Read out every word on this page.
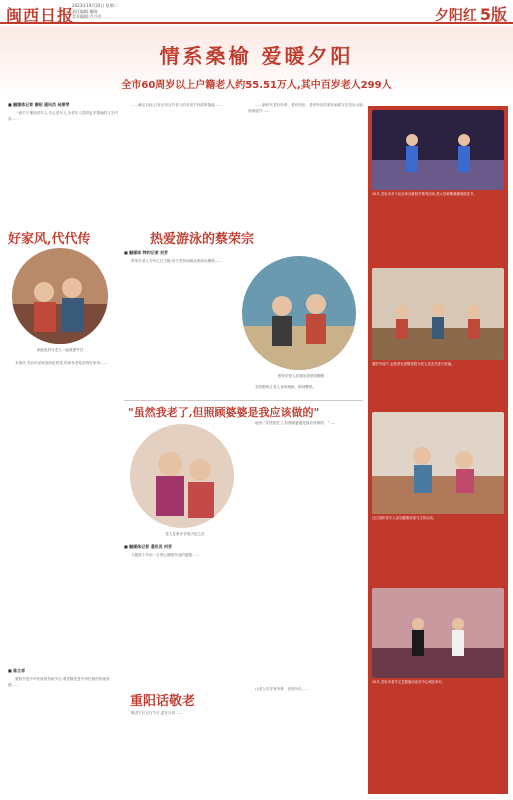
闽西日报
2023年10月24日 星期二
责任编辑:谢晓
美术编辑:卢月芳	夕阳红 5版
情系桑榆 爱暖夕阳
全市60周岁以上户籍老人约55.51万人,其中百岁老人299人
■ 融媒体记者 谢昭 通讯员 吴厚荣

一段关于重视老年人,关心老年人,为老年人提供更多帮助的文字内容……

……截至目前,已有全市百岁老人的多项关怀政策落地……	……新时代老有所养、老有所依、老有所乐的美好画面正在龙岩大地徐徐展开……

好家风,代代传
家庭成员与老人一起欢度节日

本报讯 龙岩市某家庭四世同堂,传承孝老爱亲的好家风……

热爱游泳的蔡荣宗
■ 融媒体 特约记者 刘芳

蔡荣宗老人今年已过古稀,每天坚持到游泳馆游泳锻炼……

蔡荣宗老人在游泳馆坚持锻炼

坚持锻炼让老人身体硬朗、精神矍铄。

"虽然我老了,但照顾婆婆是我应该做的"
老人在家中享受天伦之乐
■ 融媒体记者 通讯员 何芳

儿媳数十年如一日悉心照顾年迈的婆婆……

她说:“虽然我老了,但照顾婆婆是我应该做的。”……

重阳话敬老
■ 陈立祥

重阳节是中华民族的传统节日,尊老敬老是中华民族的传统美德……

敬老不仅仅在节日,更在日常……

让老人们老有所养、老有所乐……

10月,龙岩市多个社区举办重阳节系列活动,老人们载歌载舞欢度佳节。
重阳节前夕,志愿者走进敬老院为老人送去关爱与祝福。
社区组织老年人参加健康讲座与文体活动。
10月,龙岩市老年文艺展演活动在中心城区举行。
